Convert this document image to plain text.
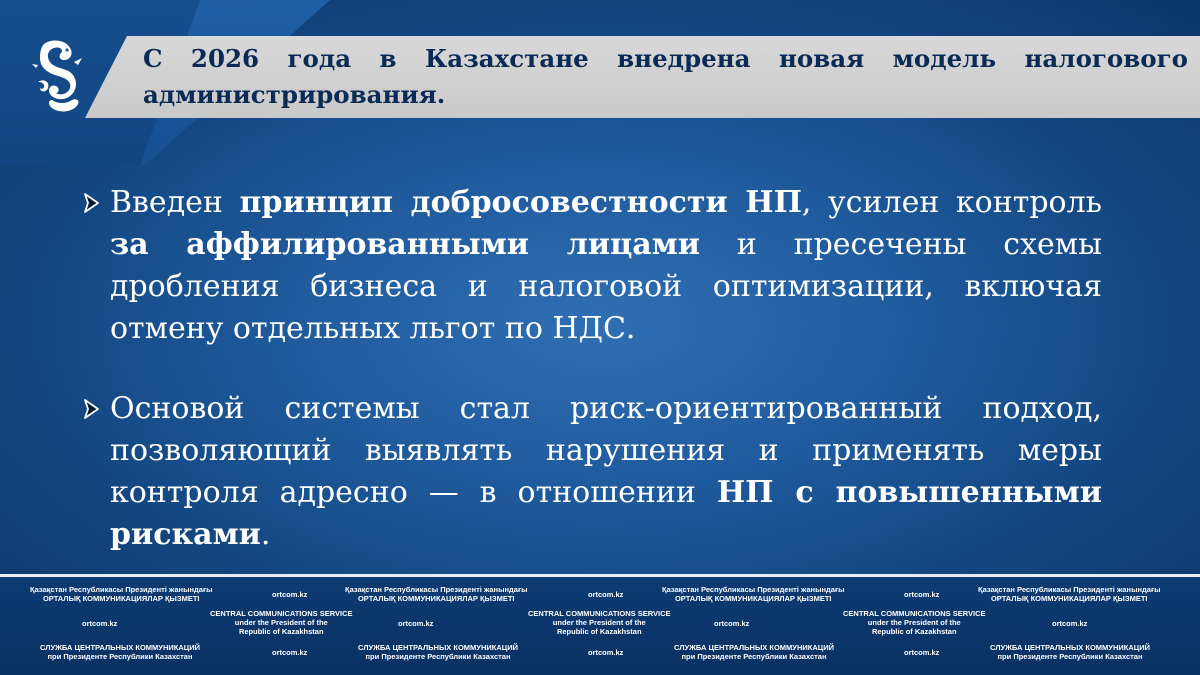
С 2026 года в Казахстане внедрена новая модель налогового администрирования.

Введен принцип добросовестности НП, усилен контроль за аффилированными лицами и пресечены схемы дробления бизнеса и налоговой оптимизации, включая отмену отдельных льгот по НДС.

Основой системы стал риск-ориентированный подход, позволяющий выявлять нарушения и применять меры контроля адресно — в отношении НП с повышенными рисками.

Қазақстан Республикасы Президенті жанындағы
ОРТАЛЫҚ КОММУНИКАЦИЯЛАР ҚЫЗМЕТІ	ortcom.kz
Қазақстан Республикасы Президенті жанындағы
ОРТАЛЫҚ КОММУНИКАЦИЯЛАР ҚЫЗМЕТІ	ortcom.kz
Қазақстан Республикасы Президенті жанындағы
ОРТАЛЫҚ КОММУНИКАЦИЯЛАР ҚЫЗМЕТІ	ortcom.kz
Қазақстан Республикасы Президенті жанындағы
ОРТАЛЫҚ КОММУНИКАЦИЯЛАР ҚЫЗМЕТІ
ortcom.kz
CENTRAL COMMUNICATIONS SERVICE
under the President of the
Republic of Kazakhstan
ortcom.kz
CENTRAL COMMUNICATIONS SERVICE
under the President of the
Republic of Kazakhstan
ortcom.kz
CENTRAL COMMUNICATIONS SERVICE
under the President of the
Republic of Kazakhstan
ortcom.kz
СЛУЖБА ЦЕНТРАЛЬНЫХ КОММУНИКАЦИЙ
при Президенте Республики Казахстан	ortcom.kz
СЛУЖБА ЦЕНТРАЛЬНЫХ КОММУНИКАЦИЙ
при Президенте Республики Казахстан	ortcom.kz
СЛУЖБА ЦЕНТРАЛЬНЫХ КОММУНИКАЦИЙ
при Президенте Республики Казахстан	ortcom.kz
СЛУЖБА ЦЕНТРАЛЬНЫХ КОММУНИКАЦИЙ
при Президенте Республики Казахстан
